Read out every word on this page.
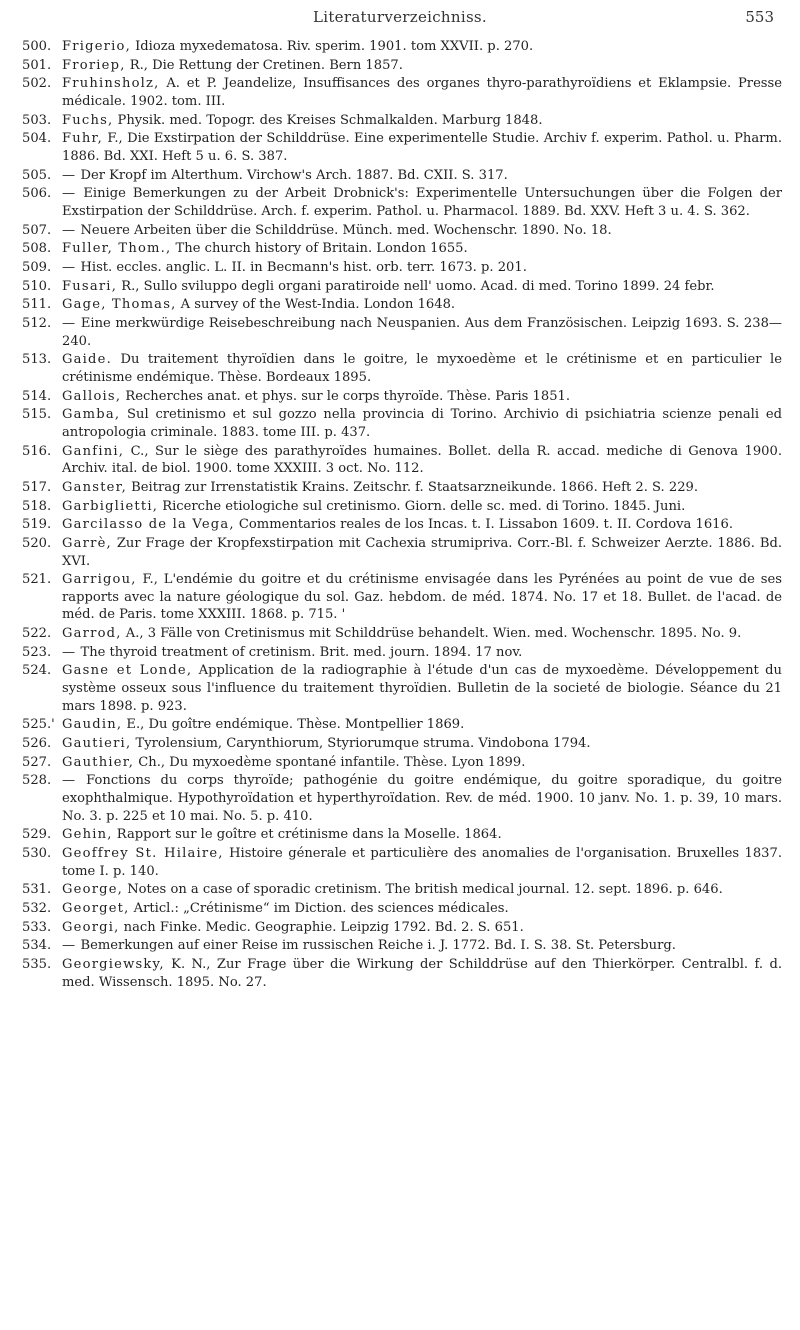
Literaturverzeichniss.	553
500. Frigerio, Idioza myxedematosa. Riv. sperim. 1901. tom XXVII. p. 270.
501. Froriep, R., Die Rettung der Cretinen. Bern 1857.
502. Fruhinsholz, A. et P. Jeandelize, Insuffisances des organes thyro-parathyroïdiens et Eklampsie. Presse médicale. 1902. tom. III.
503. Fuchs, Physik. med. Topogr. des Kreises Schmalkalden. Marburg 1848.
504. Fuhr, F., Die Exstirpation der Schilddrüse. Eine experimentelle Studie. Archiv f. experim. Pathol. u. Pharm. 1886. Bd. XXI. Heft 5 u. 6. S. 387.
505. — Der Kropf im Alterthum. Virchow's Arch. 1887. Bd. CXII. S. 317.
506. — Einige Bemerkungen zu der Arbeit Drobnick's: Experimentelle Untersuchungen über die Folgen der Exstirpation der Schilddrüse. Arch. f. experim. Pathol. u. Pharmacol. 1889. Bd. XXV. Heft 3 u. 4. S. 362.
507. — Neuere Arbeiten über die Schilddrüse. Münch. med. Wochenschr. 1890. No. 18.
508. Fuller, Thom., The church history of Britain. London 1655.
509. — Hist. eccles. anglic. L. II. in Becmann's hist. orb. terr. 1673. p. 201.
510. Fusari, R., Sullo sviluppo degli organi paratiroide nell' uomo. Acad. di med. Torino 1899. 24 febr.
511. Gage, Thomas, A survey of the West-India. London 1648.
512. — Eine merkwürdige Reisebeschreibung nach Neuspanien. Aus dem Französischen. Leipzig 1693. S. 238—240.
513. Gaide. Du traitement thyroïdien dans le goitre, le myxoedème et le crétinisme et en particulier le crétinisme endémique. Thèse. Bordeaux 1895.
514. Gallois, Recherches anat. et phys. sur le corps thyroïde. Thèse. Paris 1851.
515. Gamba, Sul cretinismo et sul gozzo nella provincia di Torino. Archivio di psichiatria scienze penali ed antropologia criminale. 1883. tome III. p. 437.
516. Ganfini, C., Sur le siège des parathyroïdes humaines. Bollet. della R. accad. mediche di Genova 1900. Archiv. ital. de biol. 1900. tome XXXIII. 3 oct. No. 112.
517. Ganster, Beitrag zur Irrenstatistik Krains. Zeitschr. f. Staatsarzneikunde. 1866. Heft 2. S. 229.
518. Garbiglietti, Ricerche etiologiche sul cretinismo. Giorn. delle sc. med. di Torino. 1845. Juni.
519. Garcilasso de la Vega, Commentarios reales de los Incas. t. I. Lissabon 1609. t. II. Cordova 1616.
520. Garrè, Zur Frage der Kropfexstirpation mit Cachexia strumipriva. Corr.-Bl. f. Schweizer Aerzte. 1886. Bd. XVI.
521. Garrigou, F., L'endémie du goitre et du crétinisme envisagée dans les Pyrénées au point de vue de ses rapports avec la nature géologique du sol. Gaz. hebdom. de méd. 1874. No. 17 et 18. Bullet. de l'acad. de méd. de Paris. tome XXXIII. 1868. p. 715. '
522. Garrod, A., 3 Fälle von Cretinismus mit Schilddrüse behandelt. Wien. med. Wochenschr. 1895. No. 9.
523. — The thyroid treatment of cretinism. Brit. med. journ. 1894. 17 nov.
524. Gasne et Londe, Application de la radiographie à l'étude d'un cas de myxoedème. Développement du système osseux sous l'influence du traitement thyroïdien. Bulletin de la societé de biologie. Séance du 21 mars 1898. p. 923.
525.' Gaudin, E., Du goître endémique. Thèse. Montpellier 1869.
526. Gautieri, Tyrolensium, Carynthiorum, Styriorumque struma. Vindobona 1794.
527. Gauthier, Ch., Du myxoedème spontané infantile. Thèse. Lyon 1899.
528. — Fonctions du corps thyroïde; pathogénie du goitre endémique, du goitre sporadique, du goitre exophthalmique. Hypothyroïdation et hyperthyroïdation. Rev. de méd. 1900. 10 janv. No. 1. p. 39, 10 mars. No. 3. p. 225 et 10 mai. No. 5. p. 410.
529. Gehin, Rapport sur le goître et crétinisme dans la Moselle. 1864.
530. Geoffrey St. Hilaire, Histoire génerale et particulière des anomalies de l'organisation. Bruxelles 1837. tome I. p. 140.
531. George, Notes on a case of sporadic cretinism. The british medical journal. 12. sept. 1896. p. 646.
532. Georget, Articl.: „Crétinisme“ im Diction. des sciences médicales.
533. Georgi, nach Finke. Medic. Geographie. Leipzig 1792. Bd. 2. S. 651.
534. — Bemerkungen auf einer Reise im russischen Reiche i. J. 1772. Bd. I. S. 38. St. Petersburg.
535. Georgiewsky, K. N., Zur Frage über die Wirkung der Schilddrüse auf den Thierkörper. Centralbl. f. d. med. Wissensch. 1895. No. 27.
